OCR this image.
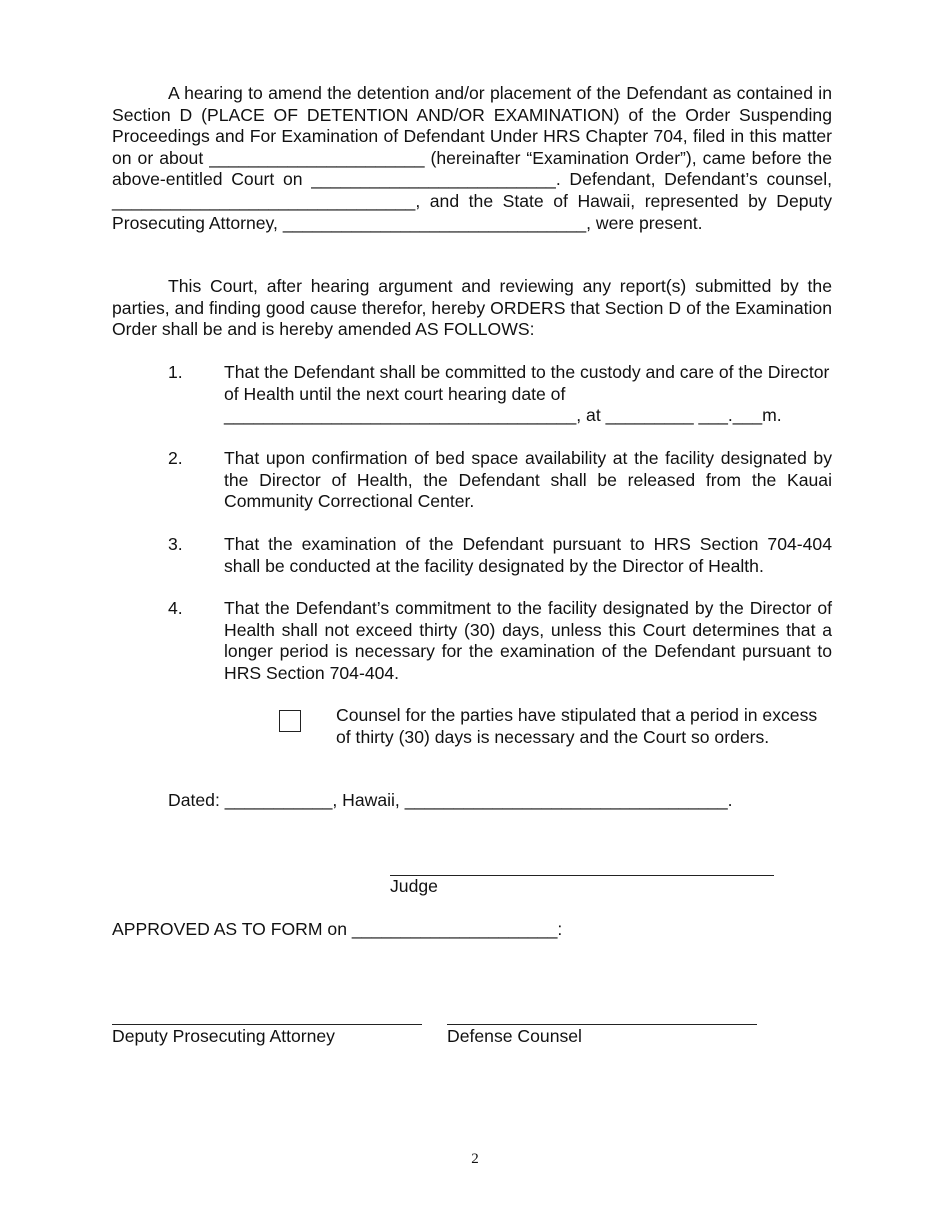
A hearing to amend the detention and/or placement of the Defendant as contained in Section D (PLACE OF DETENTION AND/OR EXAMINATION) of the Order Suspending Proceedings and For Examination of Defendant Under HRS Chapter 704, filed in this matter on or about ______________________ (hereinafter “Examination Order”), came before the above-entitled Court on _________________________. Defendant, Defendant’s counsel, _______________________________, and the State of Hawaii, represented by Deputy Prosecuting Attorney, _______________________________, were present.

This Court, after hearing argument and reviewing any report(s) submitted by the parties, and finding good cause therefor, hereby ORDERS that Section D of the Examination Order shall be and is hereby amended AS FOLLOWS:

1. That the Defendant shall be committed to the custody and care of the Director of Health until the next court hearing date of ____________________________________, at _________ ___.___m.
2. That upon confirmation of bed space availability at the facility designated by the Director of Health, the Defendant shall be released from the Kauai Community Correctional Center.
3. That the examination of the Defendant pursuant to HRS Section 704-404 shall be conducted at the facility designated by the Director of Health.
4. That the Defendant’s commitment to the facility designated by the Director of Health shall not exceed thirty (30) days, unless this Court determines that a longer period is necessary for the examination of the Defendant pursuant to HRS Section 704-404.
Counsel for the parties have stipulated that a period in excess of thirty (30) days is necessary and the Court so orders.
Dated: ___________, Hawaii, _________________________________.
Judge
APPROVED AS TO FORM on _____________________:
Deputy Prosecuting Attorney	Defense Counsel
2
